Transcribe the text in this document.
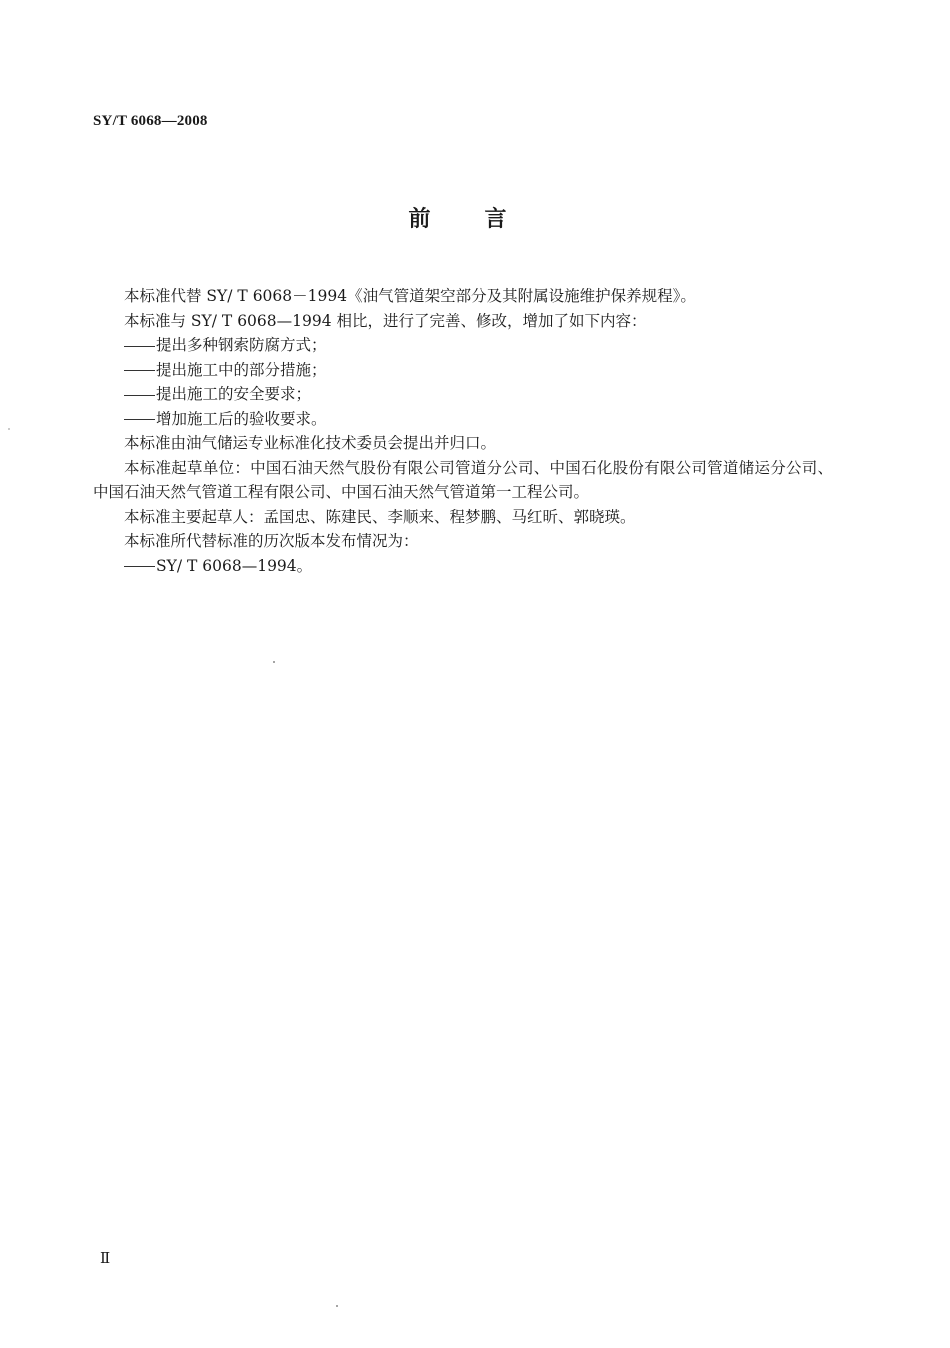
SY/T 6068—2008
前言

本标准代替 SY/ T 6068－1994《油气管道架空部分及其附属设施维护保养规程》。

本标准与 SY/ T 6068—1994 相比，进行了完善、修改，增加了如下内容：

提出多种钢索防腐方式；

提出施工中的部分措施；

提出施工的安全要求；

增加施工后的验收要求。

本标准由油气储运专业标准化技术委员会提出并归口。

本标准起草单位：中国石油天然气股份有限公司管道分公司、中国石化股份有限公司管道储运分公司、中国石油天然气管道工程有限公司、中国石油天然气管道第一工程公司。

本标准主要起草人：孟国忠、陈建民、李顺来、程梦鹏、马红昕、郭晓瑛。

本标准所代替标准的历次版本发布情况为：

SY/ T 6068—1994。

Ⅱ
